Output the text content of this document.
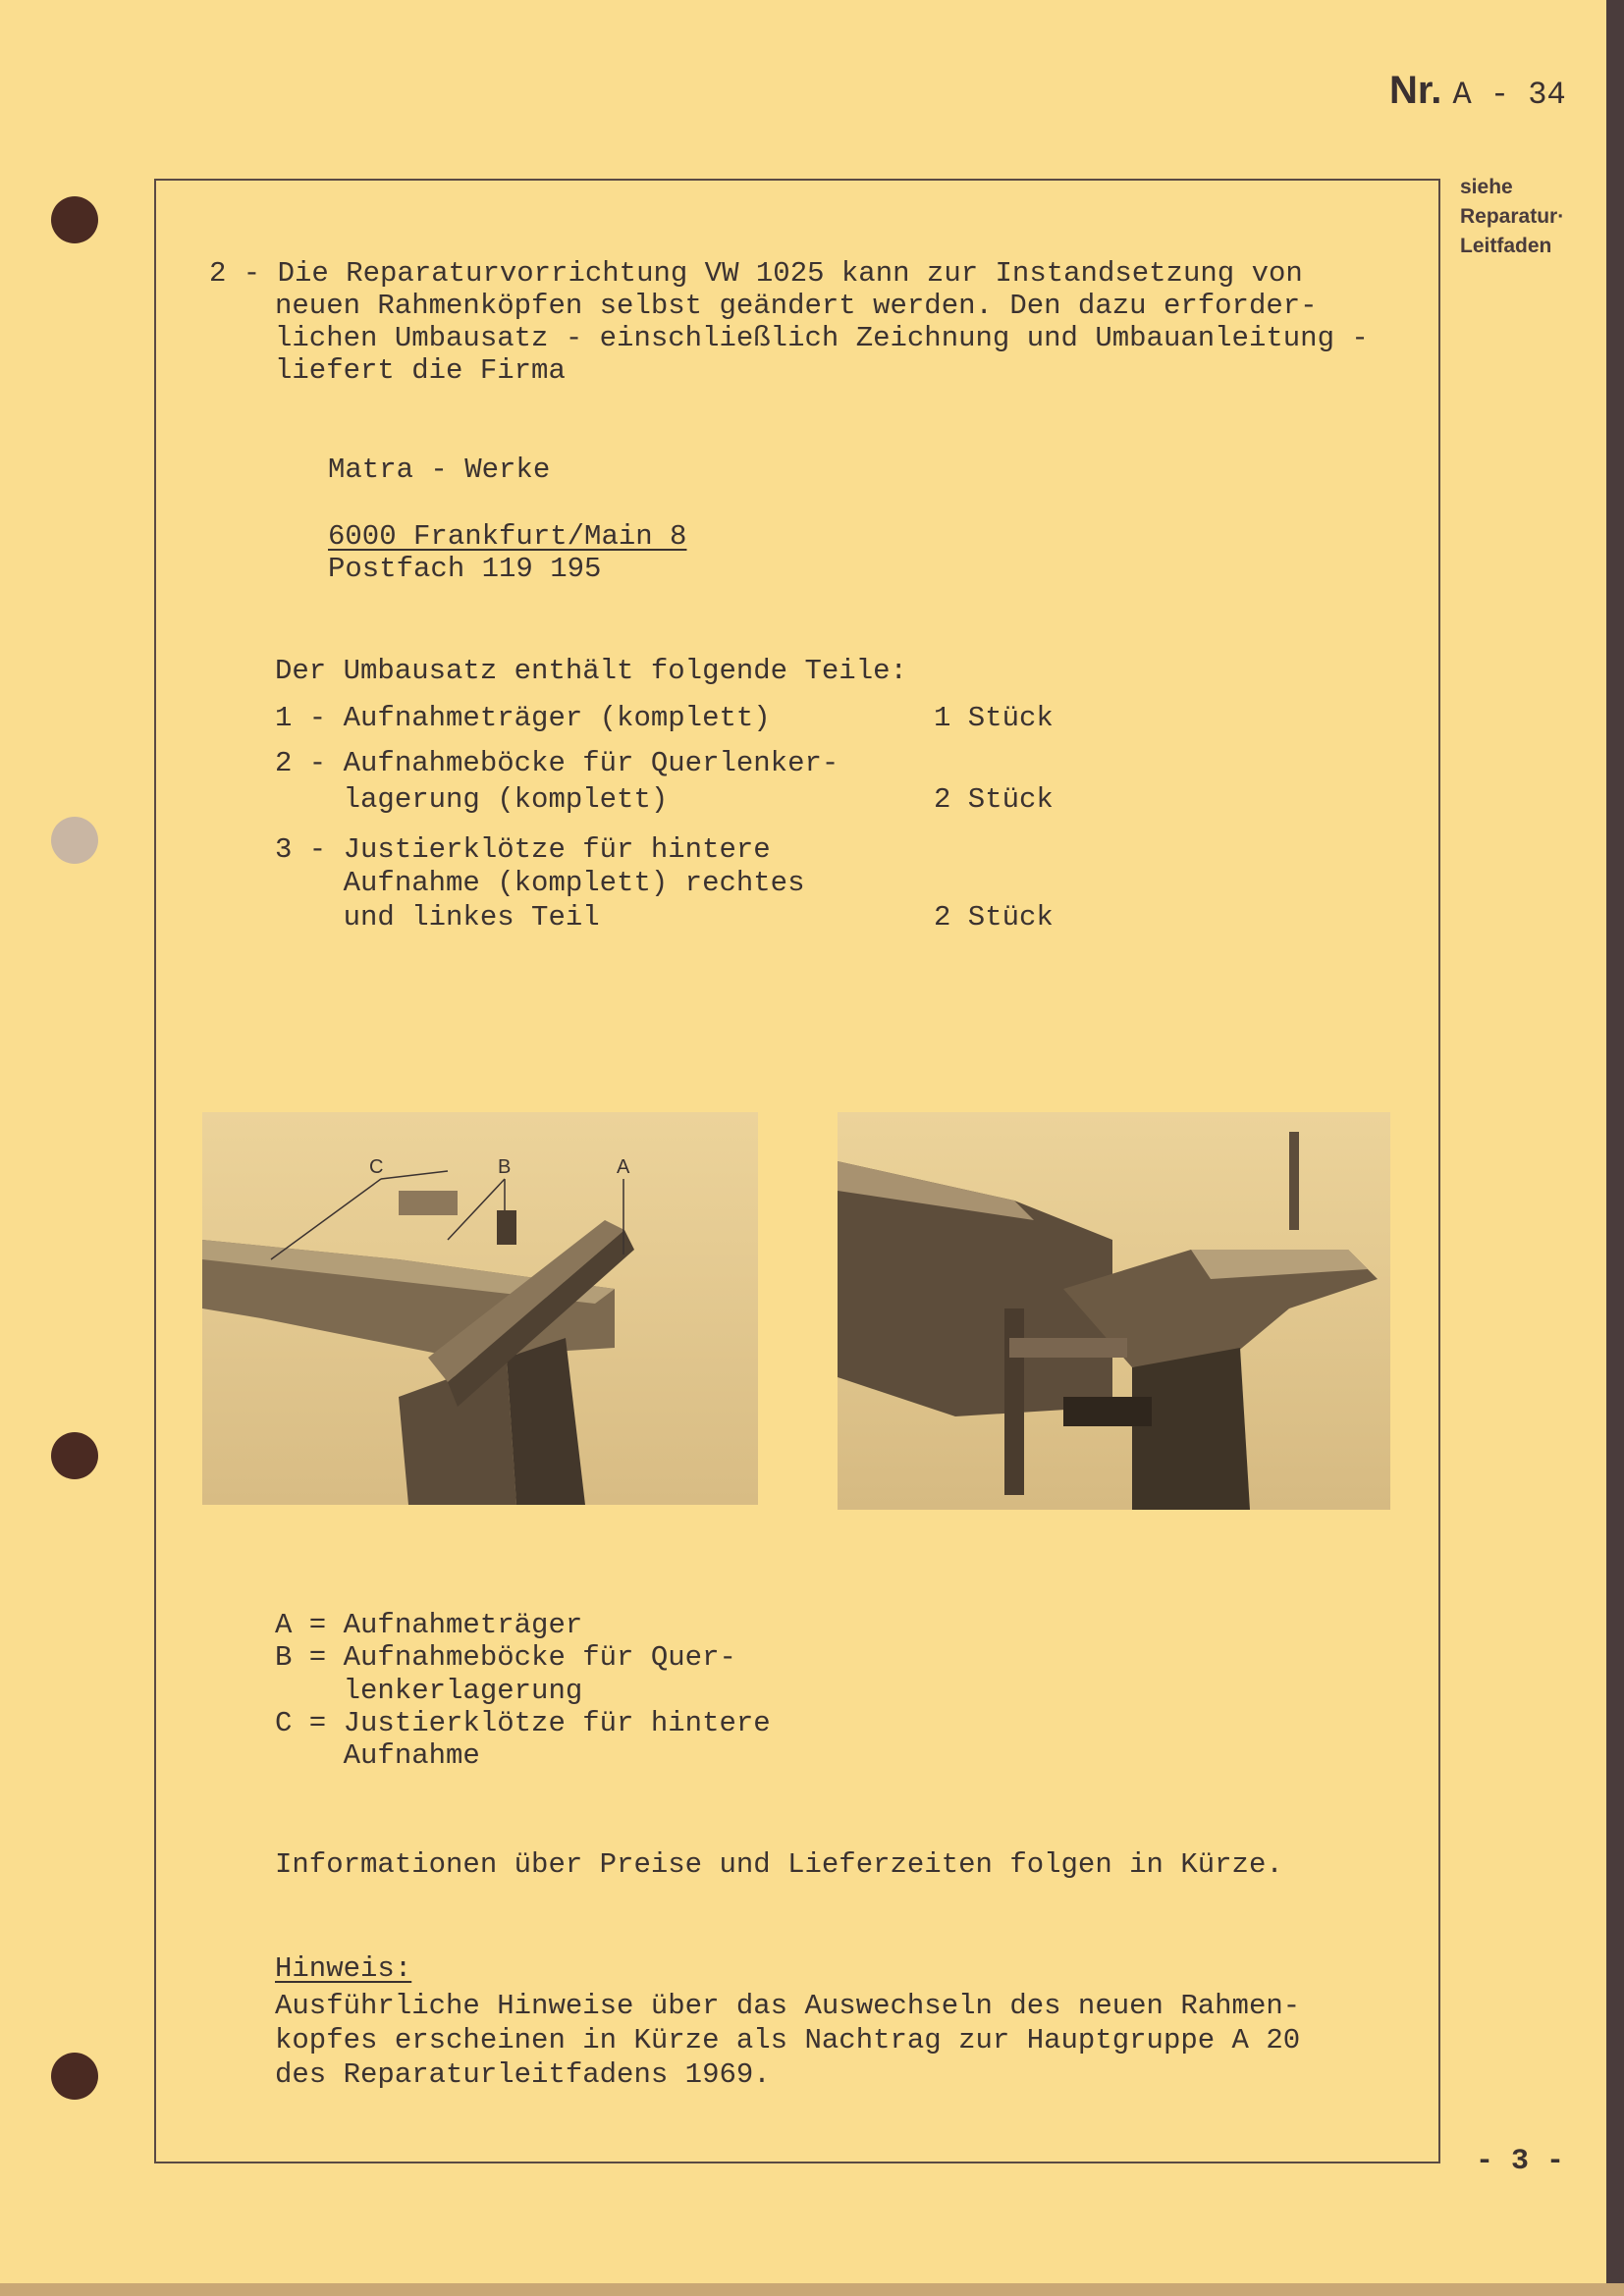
Nr. A - 34
siehe
Reparatur·
Leitfaden
2 - Die Reparaturvorrichtung VW 1025 kann zur Instandsetzung von
neuen Rahmenköpfen selbst geändert werden. Den dazu erforder-
lichen Umbausatz - einschließlich Zeichnung und Umbauanleitung -
liefert die Firma
Matra - Werke
6000 Frankfurt/Main 8
Postfach 119 195
Der Umbausatz enthält folgende Teile:
1 - Aufnahmeträger (komplett)	1 Stück
2 - Aufnahmeböcke für Querlenker-
lagerung (komplett)	2 Stück
3 - Justierklötze für hintere
Aufnahme (komplett) rechtes
und linkes Teil	2 Stück
C	B	A
A = Aufnahmeträger
B = Aufnahmeböcke für Quer-
lenkerlagerung
C = Justierklötze für hintere
Aufnahme
Informationen über Preise und Lieferzeiten folgen in Kürze.
Hinweis:
Ausführliche Hinweise über das Auswechseln des neuen Rahmen-
kopfes erscheinen in Kürze als Nachtrag zur Hauptgruppe A 20
des Reparaturleitfadens 1969.
- 3 -
